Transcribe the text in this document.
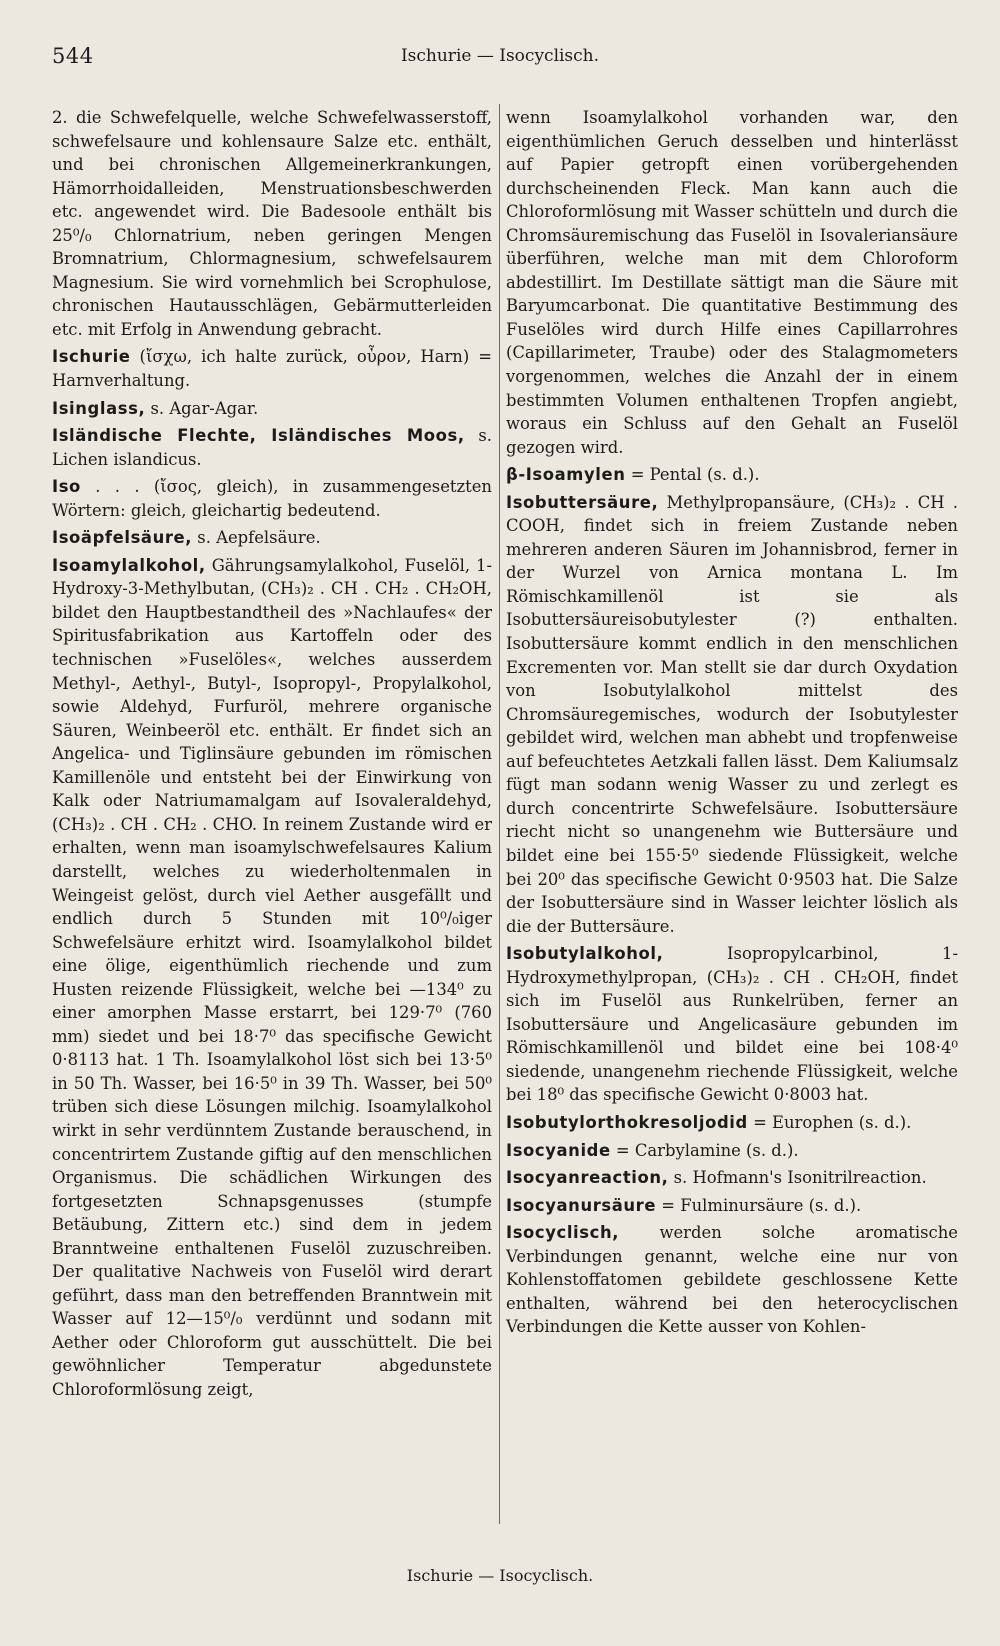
544	Ischurie — Isocyclisch.

2. die Schwefelquelle, welche Schwefelwasserstoff, schwefelsaure und kohlensaure Salze etc. enthält, und bei chronischen Allgemeinerkrankungen, Hämorrhoidalleiden, Menstruationsbeschwerden etc. angewendet wird. Die Badesoole enthält bis 25⁰/₀ Chlornatrium, neben geringen Mengen Bromnatrium, Chlormagnesium, schwefelsaurem Magnesium. Sie wird vornehmlich bei Scrophulose, chronischen Hautausschlägen, Gebärmutterleiden etc. mit Erfolg in Anwendung gebracht.

Ischurie (ἴσχω, ich halte zurück, οὖρον, Harn) = Harnverhaltung.

Isinglass, s. Agar-Agar.

Isländische Flechte, Isländisches Moos, s. Lichen islandicus.

Iso . . . (ἴσος, gleich), in zusammengesetzten Wörtern: gleich, gleichartig bedeutend.

Isoäpfelsäure, s. Aepfelsäure.

Isoamylalkohol, Gährungsamylalkohol, Fuselöl, 1-Hydroxy-3-Methylbutan, (CH₃)₂ . CH . CH₂ . CH₂OH, bildet den Hauptbestandtheil des »Nachlaufes« der Spiritusfabrikation aus Kartoffeln oder des technischen »Fuselöles«, welches ausserdem Methyl-, Aethyl-, Butyl-, Isopropyl-, Propylalkohol, sowie Aldehyd, Furfuröl, mehrere organische Säuren, Weinbeeröl etc. enthält. Er findet sich an Angelica- und Tiglinsäure gebunden im römischen Kamillenöle und entsteht bei der Einwirkung von Kalk oder Natriumamalgam auf Isovaleraldehyd, (CH₃)₂ . CH . CH₂ . CHO. In reinem Zustande wird er erhalten, wenn man isoamylschwefelsaures Kalium darstellt, welches zu wiederholtenmalen in Weingeist gelöst, durch viel Aether ausgefällt und endlich durch 5 Stunden mit 10⁰/₀iger Schwefelsäure erhitzt wird. Isoamylalkohol bildet eine ölige, eigenthümlich riechende und zum Husten reizende Flüssigkeit, welche bei —134⁰ zu einer amorphen Masse erstarrt, bei 129·7⁰ (760 mm) siedet und bei 18·7⁰ das specifische Gewicht 0·8113 hat. 1 Th. Isoamylalkohol löst sich bei 13·5⁰ in 50 Th. Wasser, bei 16·5⁰ in 39 Th. Wasser, bei 50⁰ trüben sich diese Lösungen milchig. Isoamylalkohol wirkt in sehr verdünntem Zustande berauschend, in concentrirtem Zustande giftig auf den menschlichen Organismus. Die schädlichen Wirkungen des fortgesetzten Schnapsgenusses (stumpfe Betäubung, Zittern etc.) sind dem in jedem Branntweine enthaltenen Fuselöl zuzuschreiben. Der qualitative Nachweis von Fuselöl wird derart geführt, dass man den betreffenden Branntwein mit Wasser auf 12—15⁰/₀ verdünnt und sodann mit Aether oder Chloroform gut ausschüttelt. Die bei gewöhnlicher Temperatur abgedunstete Chloroformlösung zeigt,

wenn Isoamylalkohol vorhanden war, den eigenthümlichen Geruch desselben und hinterlässt auf Papier getropft einen vorübergehenden durchscheinenden Fleck. Man kann auch die Chloroformlösung mit Wasser schütteln und durch die Chromsäuremischung das Fuselöl in Isovaleriansäure überführen, welche man mit dem Chloroform abdestillirt. Im Destillate sättigt man die Säure mit Baryumcarbonat. Die quantitative Bestimmung des Fuselöles wird durch Hilfe eines Capillarrohres (Capillarimeter, Traube) oder des Stalagmometers vorgenommen, welches die Anzahl der in einem bestimmten Volumen enthaltenen Tropfen angiebt, woraus ein Schluss auf den Gehalt an Fuselöl gezogen wird.

β-Isoamylen = Pental (s. d.).

Isobuttersäure, Methylpropansäure, (CH₃)₂ . CH . COOH, findet sich in freiem Zustande neben mehreren anderen Säuren im Johannisbrod, ferner in der Wurzel von Arnica montana L. Im Römischkamillenöl ist sie als Isobuttersäureisobutylester (?) enthalten. Isobuttersäure kommt endlich in den menschlichen Excrementen vor. Man stellt sie dar durch Oxydation von Isobutylalkohol mittelst des Chromsäuregemisches, wodurch der Isobutylester gebildet wird, welchen man abhebt und tropfenweise auf befeuchtetes Aetzkali fallen lässt. Dem Kaliumsalz fügt man sodann wenig Wasser zu und zerlegt es durch concentrirte Schwefelsäure. Isobuttersäure riecht nicht so unangenehm wie Buttersäure und bildet eine bei 155·5⁰ siedende Flüssigkeit, welche bei 20⁰ das specifische Gewicht 0·9503 hat. Die Salze der Isobuttersäure sind in Wasser leichter löslich als die der Buttersäure.

Isobutylalkohol, Isopropylcarbinol, 1-Hydroxymethylpropan, (CH₃)₂ . CH . CH₂OH, findet sich im Fuselöl aus Runkelrüben, ferner an Isobuttersäure und Angelicasäure gebunden im Römischkamillenöl und bildet eine bei 108·4⁰ siedende, unangenehm riechende Flüssigkeit, welche bei 18⁰ das specifische Gewicht 0·8003 hat.

Isobutylorthokresoljodid = Europhen (s. d.).

Isocyanide = Carbylamine (s. d.).

Isocyanreaction, s. Hofmann's Isonitrilreaction.

Isocyanursäure = Fulminursäure (s. d.).

Isocyclisch, werden solche aromatische Verbindungen genannt, welche eine nur von Kohlenstoffatomen gebildete geschlossene Kette enthalten, während bei den heterocyclischen Verbindungen die Kette ausser von Kohlen-

Ischurie — Isocyclisch.
